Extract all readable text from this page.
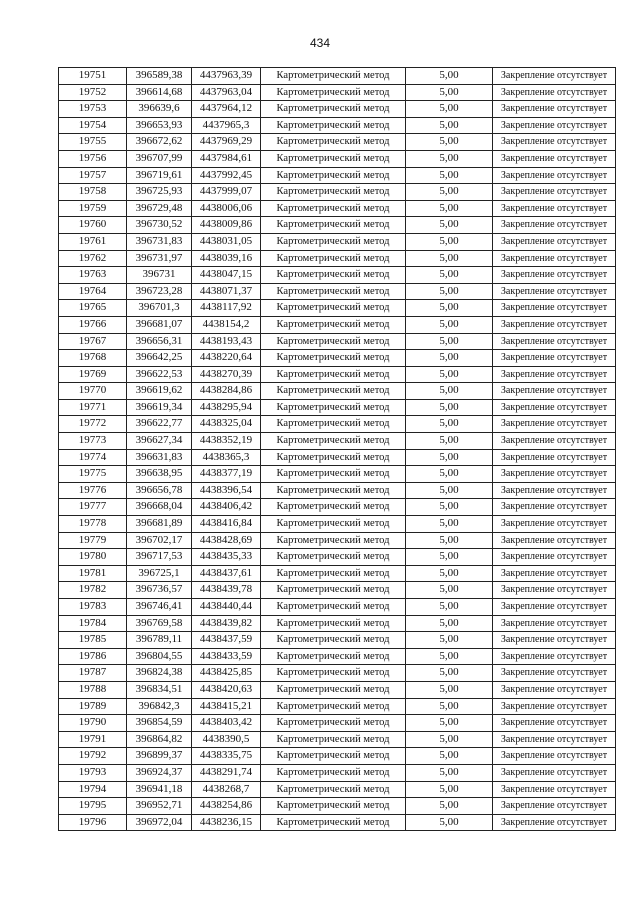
434
19751	396589,38	4437963,39	Картометрический метод	5,00	Закрепление отсутствует
19752	396614,68	4437963,04	Картометрический метод	5,00	Закрепление отсутствует
19753	396639,6	4437964,12	Картометрический метод	5,00	Закрепление отсутствует
19754	396653,93	4437965,3	Картометрический метод	5,00	Закрепление отсутствует
19755	396672,62	4437969,29	Картометрический метод	5,00	Закрепление отсутствует
19756	396707,99	4437984,61	Картометрический метод	5,00	Закрепление отсутствует
19757	396719,61	4437992,45	Картометрический метод	5,00	Закрепление отсутствует
19758	396725,93	4437999,07	Картометрический метод	5,00	Закрепление отсутствует
19759	396729,48	4438006,06	Картометрический метод	5,00	Закрепление отсутствует
19760	396730,52	4438009,86	Картометрический метод	5,00	Закрепление отсутствует
19761	396731,83	4438031,05	Картометрический метод	5,00	Закрепление отсутствует
19762	396731,97	4438039,16	Картометрический метод	5,00	Закрепление отсутствует
19763	396731	4438047,15	Картометрический метод	5,00	Закрепление отсутствует
19764	396723,28	4438071,37	Картометрический метод	5,00	Закрепление отсутствует
19765	396701,3	4438117,92	Картометрический метод	5,00	Закрепление отсутствует
19766	396681,07	4438154,2	Картометрический метод	5,00	Закрепление отсутствует
19767	396656,31	4438193,43	Картометрический метод	5,00	Закрепление отсутствует
19768	396642,25	4438220,64	Картометрический метод	5,00	Закрепление отсутствует
19769	396622,53	4438270,39	Картометрический метод	5,00	Закрепление отсутствует
19770	396619,62	4438284,86	Картометрический метод	5,00	Закрепление отсутствует
19771	396619,34	4438295,94	Картометрический метод	5,00	Закрепление отсутствует
19772	396622,77	4438325,04	Картометрический метод	5,00	Закрепление отсутствует
19773	396627,34	4438352,19	Картометрический метод	5,00	Закрепление отсутствует
19774	396631,83	4438365,3	Картометрический метод	5,00	Закрепление отсутствует
19775	396638,95	4438377,19	Картометрический метод	5,00	Закрепление отсутствует
19776	396656,78	4438396,54	Картометрический метод	5,00	Закрепление отсутствует
19777	396668,04	4438406,42	Картометрический метод	5,00	Закрепление отсутствует
19778	396681,89	4438416,84	Картометрический метод	5,00	Закрепление отсутствует
19779	396702,17	4438428,69	Картометрический метод	5,00	Закрепление отсутствует
19780	396717,53	4438435,33	Картометрический метод	5,00	Закрепление отсутствует
19781	396725,1	4438437,61	Картометрический метод	5,00	Закрепление отсутствует
19782	396736,57	4438439,78	Картометрический метод	5,00	Закрепление отсутствует
19783	396746,41	4438440,44	Картометрический метод	5,00	Закрепление отсутствует
19784	396769,58	4438439,82	Картометрический метод	5,00	Закрепление отсутствует
19785	396789,11	4438437,59	Картометрический метод	5,00	Закрепление отсутствует
19786	396804,55	4438433,59	Картометрический метод	5,00	Закрепление отсутствует
19787	396824,38	4438425,85	Картометрический метод	5,00	Закрепление отсутствует
19788	396834,51	4438420,63	Картометрический метод	5,00	Закрепление отсутствует
19789	396842,3	4438415,21	Картометрический метод	5,00	Закрепление отсутствует
19790	396854,59	4438403,42	Картометрический метод	5,00	Закрепление отсутствует
19791	396864,82	4438390,5	Картометрический метод	5,00	Закрепление отсутствует
19792	396899,37	4438335,75	Картометрический метод	5,00	Закрепление отсутствует
19793	396924,37	4438291,74	Картометрический метод	5,00	Закрепление отсутствует
19794	396941,18	4438268,7	Картометрический метод	5,00	Закрепление отсутствует
19795	396952,71	4438254,86	Картометрический метод	5,00	Закрепление отсутствует
19796	396972,04	4438236,15	Картометрический метод	5,00	Закрепление отсутствует
